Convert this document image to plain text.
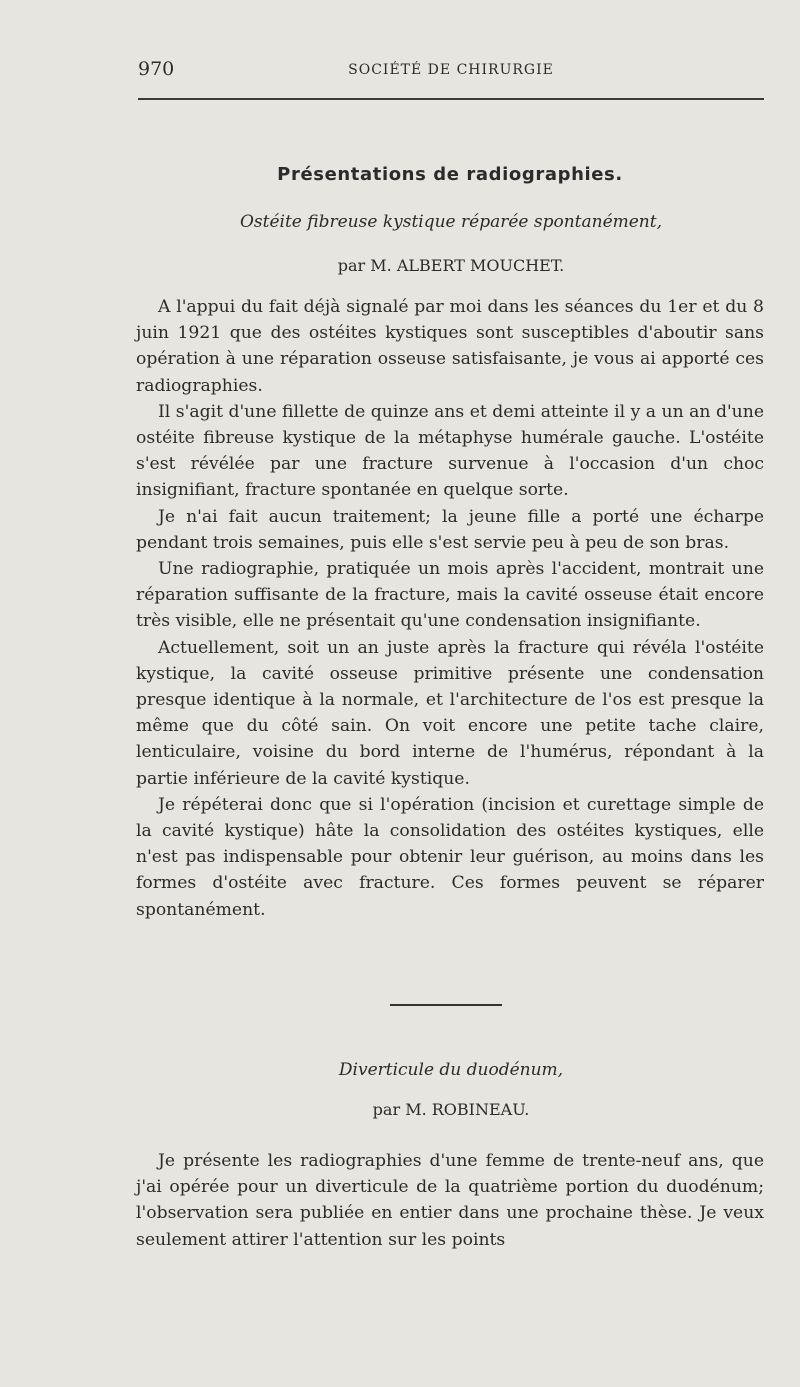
970	SOCIÉTÉ DE CHIRURGIE
Présentations de radiographies.
Ostéite fibreuse kystique réparée spontanément,
par M. ALBERT MOUCHET.

A l'appui du fait déjà signalé par moi dans les séances du 1er et du 8 juin 1921 que des ostéites kystiques sont susceptibles d'aboutir sans opération à une réparation osseuse satisfaisante, je vous ai apporté ces radiographies.

Il s'agit d'une fillette de quinze ans et demi atteinte il y a un an d'une ostéite fibreuse kystique de la métaphyse humérale gauche. L'ostéite s'est révélée par une fracture survenue à l'occasion d'un choc insignifiant, fracture spontanée en quelque sorte.

Je n'ai fait aucun traitement; la jeune fille a porté une écharpe pendant trois semaines, puis elle s'est servie peu à peu de son bras.

Une radiographie, pratiquée un mois après l'accident, montrait une réparation suffisante de la fracture, mais la cavité osseuse était encore très visible, elle ne présentait qu'une condensation insignifiante.

Actuellement, soit un an juste après la fracture qui révéla l'ostéite kystique, la cavité osseuse primitive présente une condensation presque identique à la normale, et l'architecture de l'os est presque la même que du côté sain. On voit encore une petite tache claire, lenticulaire, voisine du bord interne de l'humérus, répondant à la partie inférieure de la cavité kystique.

Je répéterai donc que si l'opération (incision et curettage simple de la cavité kystique) hâte la consolidation des ostéites kystiques, elle n'est pas indispensable pour obtenir leur guérison, au moins dans les formes d'ostéite avec fracture. Ces formes peuvent se réparer spontanément.

Diverticule du duodénum,
par M. ROBINEAU.

Je présente les radiographies d'une femme de trente-neuf ans, que j'ai opérée pour un diverticule de la quatrième portion du duodénum; l'observation sera publiée en entier dans une prochaine thèse. Je veux seulement attirer l'attention sur les points
